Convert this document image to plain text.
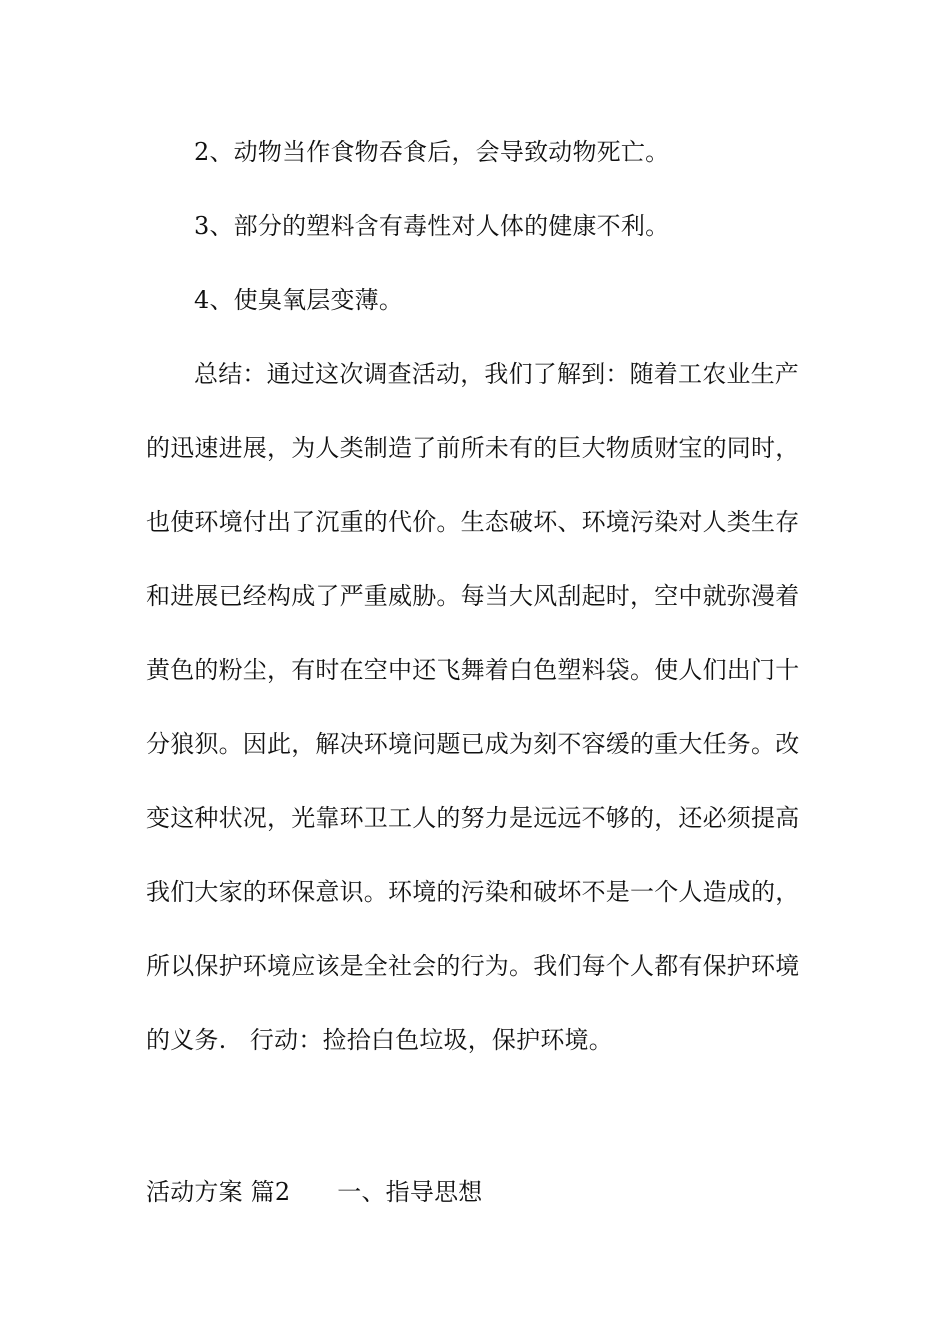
2、动物当作食物吞食后，会导致动物死亡。
3、部分的塑料含有毒性对人体的健康不利。
4、使臭氧层变薄。
总结：通过这次调查活动，我们了解到：随着工农业生产
的迅速进展，为人类制造了前所未有的巨大物质财宝的同时，
也使环境付出了沉重的代价。生态破坏、环境污染对人类生存
和进展已经构成了严重威胁。每当大风刮起时，空中就弥漫着
黄色的粉尘，有时在空中还飞舞着白色塑料袋。使人们出门十
分狼狈。因此，解决环境问题已成为刻不容缓的重大任务。改
变这种状况，光靠环卫工人的努力是远远不够的，还必须提高
我们大家的环保意识。环境的污染和破坏不是一个人造成的，
所以保护环境应该是全社会的行为。我们每个人都有保护环境
的义务.   行动：捡拾白色垃圾，保护环境。
活动方案 篇2      一、指导思想
